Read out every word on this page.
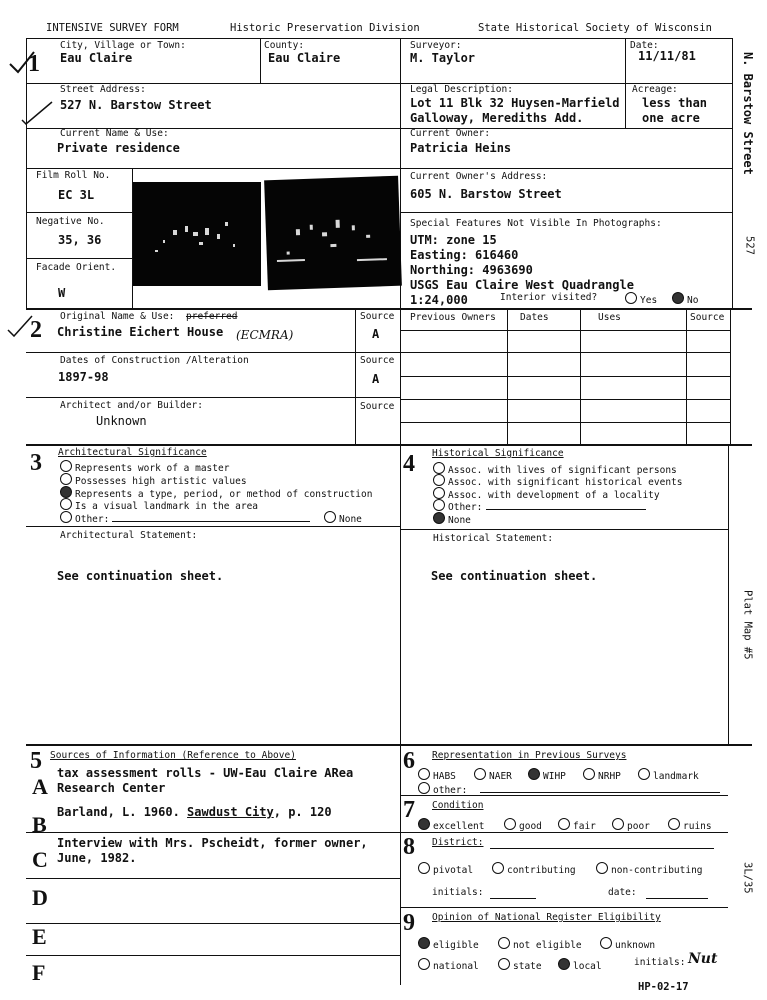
INTENSIVE SURVEY FORM	Historic Preservation Division	State Historical Society of Wisconsin
1
City, Village or Town:
Eau Claire
County:
Eau Claire
Surveyor:
M. Taylor
Date:
11/11/81
Street Address:
527 N. Barstow Street
Legal Description:
Lot 11 Blk 32 Huysen-Marfield
Galloway, Merediths Add.
Acreage:
less than
one acre
Current Name & Use:
Private residence
Current Owner:
Patricia Heins
Film Roll No.
EC 3L
Current Owner's Address:
605 N. Barstow Street
Negative No.
35, 36
Facade Orient.
W
Special Features Not Visible In Photographs:
UTM: zone 15
Easting: 616460
Northing: 4963690
USGS Eau Claire West Quadrangle
1:24,000	Interior visited?	Yes	No
2
Original Name & Use: preferred
Christine Eichert House (ECMRA)
Source
A
Dates of Construction /Alteration
1897-98
Source
A
Architect and/or Builder:
Unknown
Source
Previous Owners	Dates	Uses	Source
3 Architectural Significance
Represents work of a master
Possesses high artistic values
Represents a type, period, or method of construction
Is a visual landmark in the area
Other:	None
Architectural Statement:
See continuation sheet.
4 Historical Significance
Assoc. with lives of significant persons
Assoc. with significant historical events
Assoc. with development of a locality
Other:
None
Historical Statement:
See continuation sheet.
5 Sources of Information (Reference to Above)
A
tax assessment rolls - UW-Eau Claire ARea
Research Center
B Barland, L. 1960. Sawdust City, p. 120
C
Interview with Mrs. Pscheidt, former owner,
June, 1982.
D
E
F
6 Representation in Previous Surveys
HABS	NAER	WIHP	NRHP	landmark
other:
7 Condition
excellent	good	fair	poor	ruins
8 District:
pivotal	contributing	non-contributing
initials:	date:
9 Opinion of National Register Eligibility
eligible	not eligible	unknown
national	state	local	initials: Nut
N. Barstow Street
527
Plat Map #5
3L/35
HP-02-17
